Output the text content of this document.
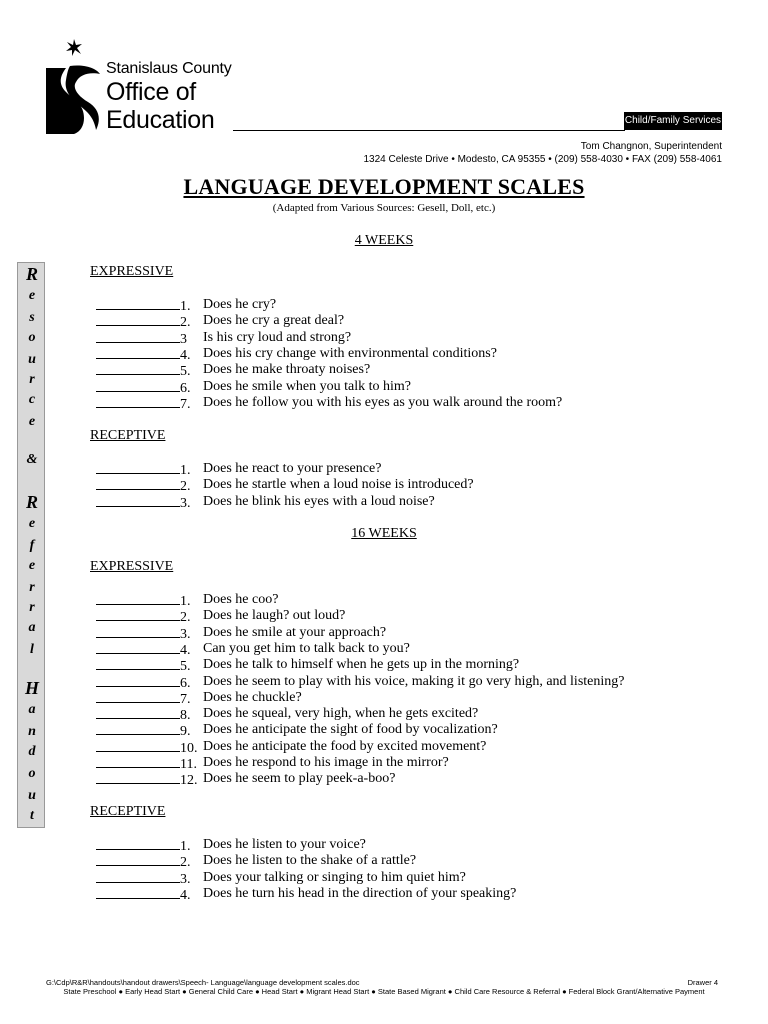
Stanislaus County
Office of
Education	Child/Family Services
Tom Changnon, Superintendent
1324 Celeste Drive • Modesto, CA 95355 • (209) 558-4030 • FAX (209) 558-4061
LANGUAGE DEVELOPMENT SCALES
(Adapted from Various Sources: Gesell, Doll, etc.)
R
e
s
o
u
r
c
e
&
R
e
f
e
r
r
a
l
H
a
n
d
o
u
t
4 WEEKS
EXPRESSIVE
1. Does he cry?
2. Does he cry a great deal?
3 Is his cry loud and strong?
4. Does his cry change with environmental conditions?
5. Does he make throaty noises?
6. Does he smile when you talk to him?
7. Does he follow you with his eyes as you walk around the room?
RECEPTIVE
1. Does he react to your presence?
2. Does he startle when a loud noise is introduced?
3. Does he blink his eyes with a loud noise?
16 WEEKS
EXPRESSIVE
1. Does he coo?
2. Does he laugh? out loud?
3. Does he smile at your approach?
4. Can you get him to talk back to you?
5. Does he talk to himself when he gets up in the morning?
6. Does he seem to play with his voice, making it go very high, and listening?
7. Does he chuckle?
8. Does he squeal, very high, when he gets excited?
9. Does he anticipate the sight of food by vocalization?
10. Does he anticipate the food by excited movement?
11. Does he respond to his image in the mirror?
12. Does he seem to play peek-a-boo?
RECEPTIVE
1. Does he listen to your voice?
2. Does he listen to the shake of a rattle?
3. Does your talking or singing to him quiet him?
4. Does he turn his head in the direction of your speaking?
G:\Cdp\R&R\handouts\handout drawers\Speech- Language\language development scales.doc	Drawer 4
State Preschool ● Early Head Start ● General Child Care ● Head Start ● Migrant Head Start ● State Based Migrant ● Child Care Resource & Referral ● Federal Block Grant/Alternative Payment
